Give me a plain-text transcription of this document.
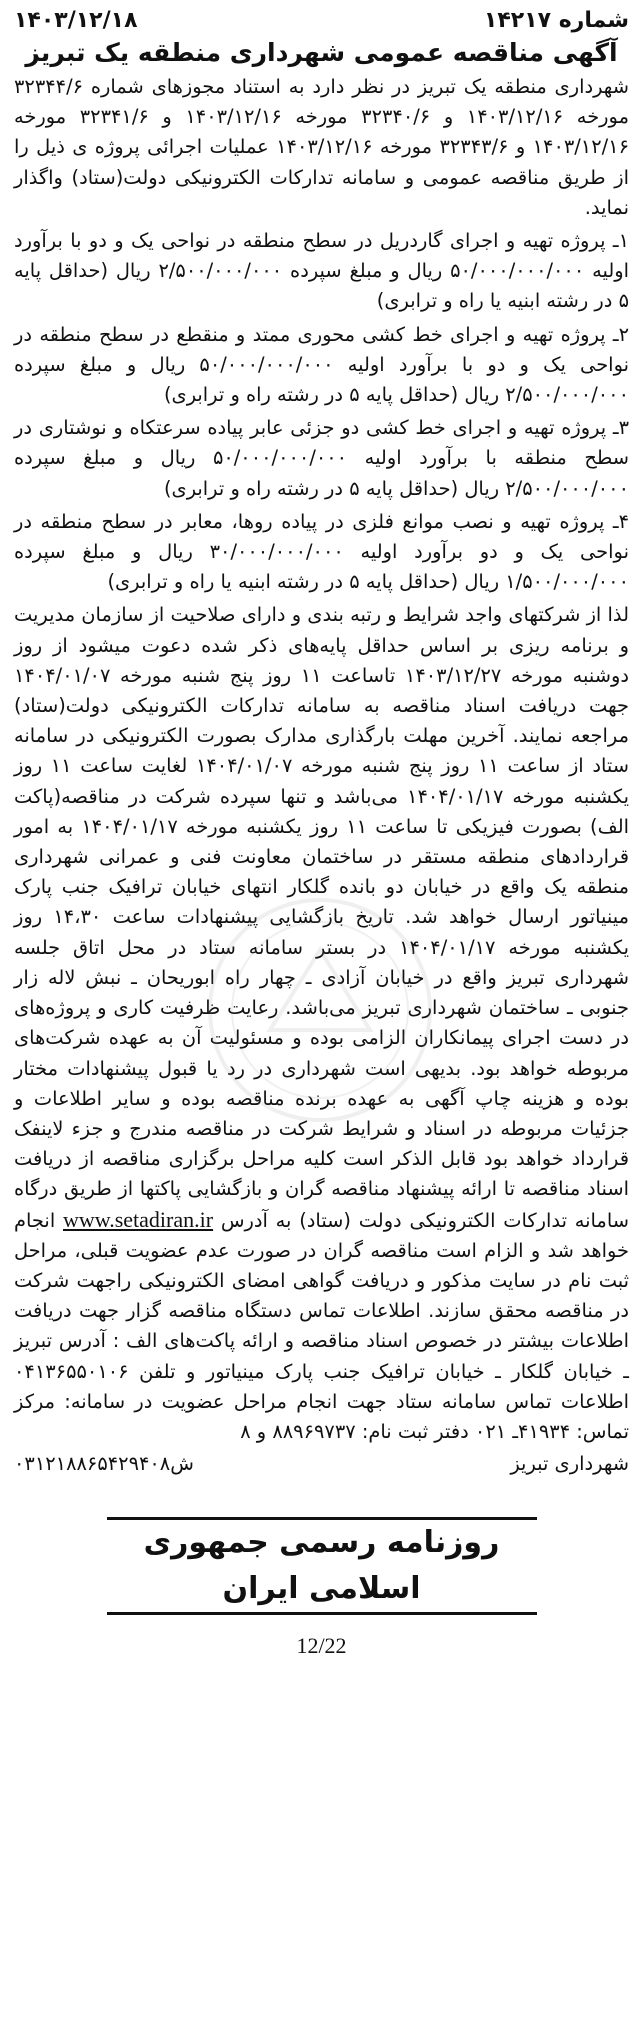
شماره ۱۴۲۱۷
۱۴۰۳/۱۲/۱۸
آگهی مناقصه عمومی شهرداری منطقه یک تبریز

شهرداری منطقه یک تبریز در نظر دارد به استناد مجوزهای شماره ۳۲۳۴۴/۶ مورخه ۱۴۰۳/۱۲/۱۶ و ۳۲۳۴۰/۶ مورخه ۱۴۰۳/۱۲/۱۶ و ۳۲۳۴۱/۶ مورخه ۱۴۰۳/۱۲/۱۶ و ۳۲۳۴۳/۶ مورخه ۱۴۰۳/۱۲/۱۶ عملیات اجرائی پروژه ی ذیل را از طریق مناقصه عمومی و سامانه تدارکات الکترونیکی دولت(ستاد) واگذار نماید.

۱ـ پروژه تهیه و اجرای گاردریل در سطح منطقه در نواحی یک و دو با برآورد اولیه ۵۰/۰۰۰/۰۰۰/۰۰۰ ریال و مبلغ سپرده ۲/۵۰۰/۰۰۰/۰۰۰ ریال (حداقل پایه ۵ در رشته ابنیه یا راه و ترابری)

۲ـ پروژه تهیه و اجرای خط کشی محوری ممتد و منقطع در سطح منطقه در نواحی یک و دو با برآورد اولیه ۵۰/۰۰۰/۰۰۰/۰۰۰ ریال و مبلغ سپرده ۲/۵۰۰/۰۰۰/۰۰۰ ریال (حداقل پایه ۵ در رشته راه و ترابری)

۳ـ پروژه تهیه و اجرای خط کشی دو جزئی عابر پیاده سرعتکاه و نوشتاری در سطح منطقه با برآورد اولیه ۵۰/۰۰۰/۰۰۰/۰۰۰ ریال و مبلغ سپرده ۲/۵۰۰/۰۰۰/۰۰۰ ریال (حداقل پایه ۵ در رشته راه و ترابری)

۴ـ پروژه تهیه و نصب موانع فلزی در پیاده روها، معابر در سطح منطقه در نواحی یک و دو برآورد اولیه ۳۰/۰۰۰/۰۰۰/۰۰۰ ریال و مبلغ سپرده ۱/۵۰۰/۰۰۰/۰۰۰ ریال (حداقل پایه ۵ در رشته ابنیه یا راه و ترابری)

لذا از شرکتهای واجد شرایط و رتبه بندی و دارای صلاحیت از سازمان مدیریت و برنامه ریزی بر اساس حداقل پایه‌های ذکر شده دعوت میشود از روز دوشنبه مورخه ۱۴۰۳/۱۲/۲۷ تاساعت ۱۱ روز پنج شنبه مورخه ۱۴۰۴/۰۱/۰۷ جهت دریافت اسناد مناقصه به سامانه تدارکات الکترونیکی دولت(ستاد) مراجعه نمایند. آخرین مهلت بارگذاری مدارک بصورت الکترونیکی در سامانه ستاد از ساعت ۱۱ روز پنج شنبه مورخه ۱۴۰۴/۰۱/۰۷ لغایت ساعت ۱۱ روز یکشنبه مورخه ۱۴۰۴/۰۱/۱۷ می‌باشد و تنها سپرده شرکت در مناقصه(پاکت الف) بصورت فیزیکی تا ساعت ۱۱ روز یکشنبه مورخه ۱۴۰۴/۰۱/۱۷ به امور قراردادهای منطقه مستقر در ساختمان معاونت فنی و عمرانی شهرداری منطقه یک واقع در خیابان دو بانده گلکار انتهای خیابان ترافیک جنب پارک مینیاتور ارسال خواهد شد. تاریخ بازگشایی پیشنهادات ساعت ۱۴،۳۰ روز یکشنبه مورخه ۱۴۰۴/۰۱/۱۷ در بستر سامانه ستاد در محل اتاق جلسه شهرداری تبریز واقع در خیابان آزادی ـ چهار راه ابوریحان ـ نبش لاله زار جنوبی ـ ساختمان شهرداری تبریز می‌باشد. رعایت ظرفیت کاری و پروژه‌های در دست اجرای پیمانکاران الزامی بوده و مسئولیت آن به عهده شرکت‌های مربوطه خواهد بود. بدیهی است شهرداری در رد یا قبول پیشنهادات مختار بوده و هزینه چاپ آگهی به عهده برنده مناقصه بوده و سایر اطلاعات و جزئیات مربوطه در اسناد و شرایط شرکت در مناقصه مندرج و جزء لاینفک قرارداد خواهد بود قابل الذکر است کلیه مراحل برگزاری مناقصه از دریافت اسناد مناقصه تا ارائه پیشنهاد مناقصه گران و بازگشایی پاکتها از طریق درگاه سامانه تدارکات الکترونیکی دولت (ستاد) به آدرس www.setadiran.ir انجام خواهد شد و الزام است مناقصه گران در صورت عدم عضویت قبلی، مراحل ثبت نام در سایت مذکور و دریافت گواهی امضای الکترونیکی راجهت شرکت در مناقصه محقق سازند. اطلاعات تماس دستگاه مناقصه گزار جهت دریافت اطلاعات بیشتر در خصوص اسناد مناقصه و ارائه پاکت‌های الف : آدرس تبریز ـ خیابان گلکار ـ خیابان ترافیک جنب پارک مینیاتور و تلفن ۰۴۱۳۶۵۵۰۱۰۶ اطلاعات تماس سامانه ستاد جهت انجام مراحل عضویت در سامانه: مرکز تماس: ۴۱۹۳۴ـ ۰۲۱ دفتر ثبت نام: ۸۸۹۶۹۷۳۷ و ۸

شهرداری تبریز
ش۰۳۱۲۱۸۸۶۵۴۲۹۴۰۸
روزنامه رسمی جمهوری اسلامی ایران
12/22
